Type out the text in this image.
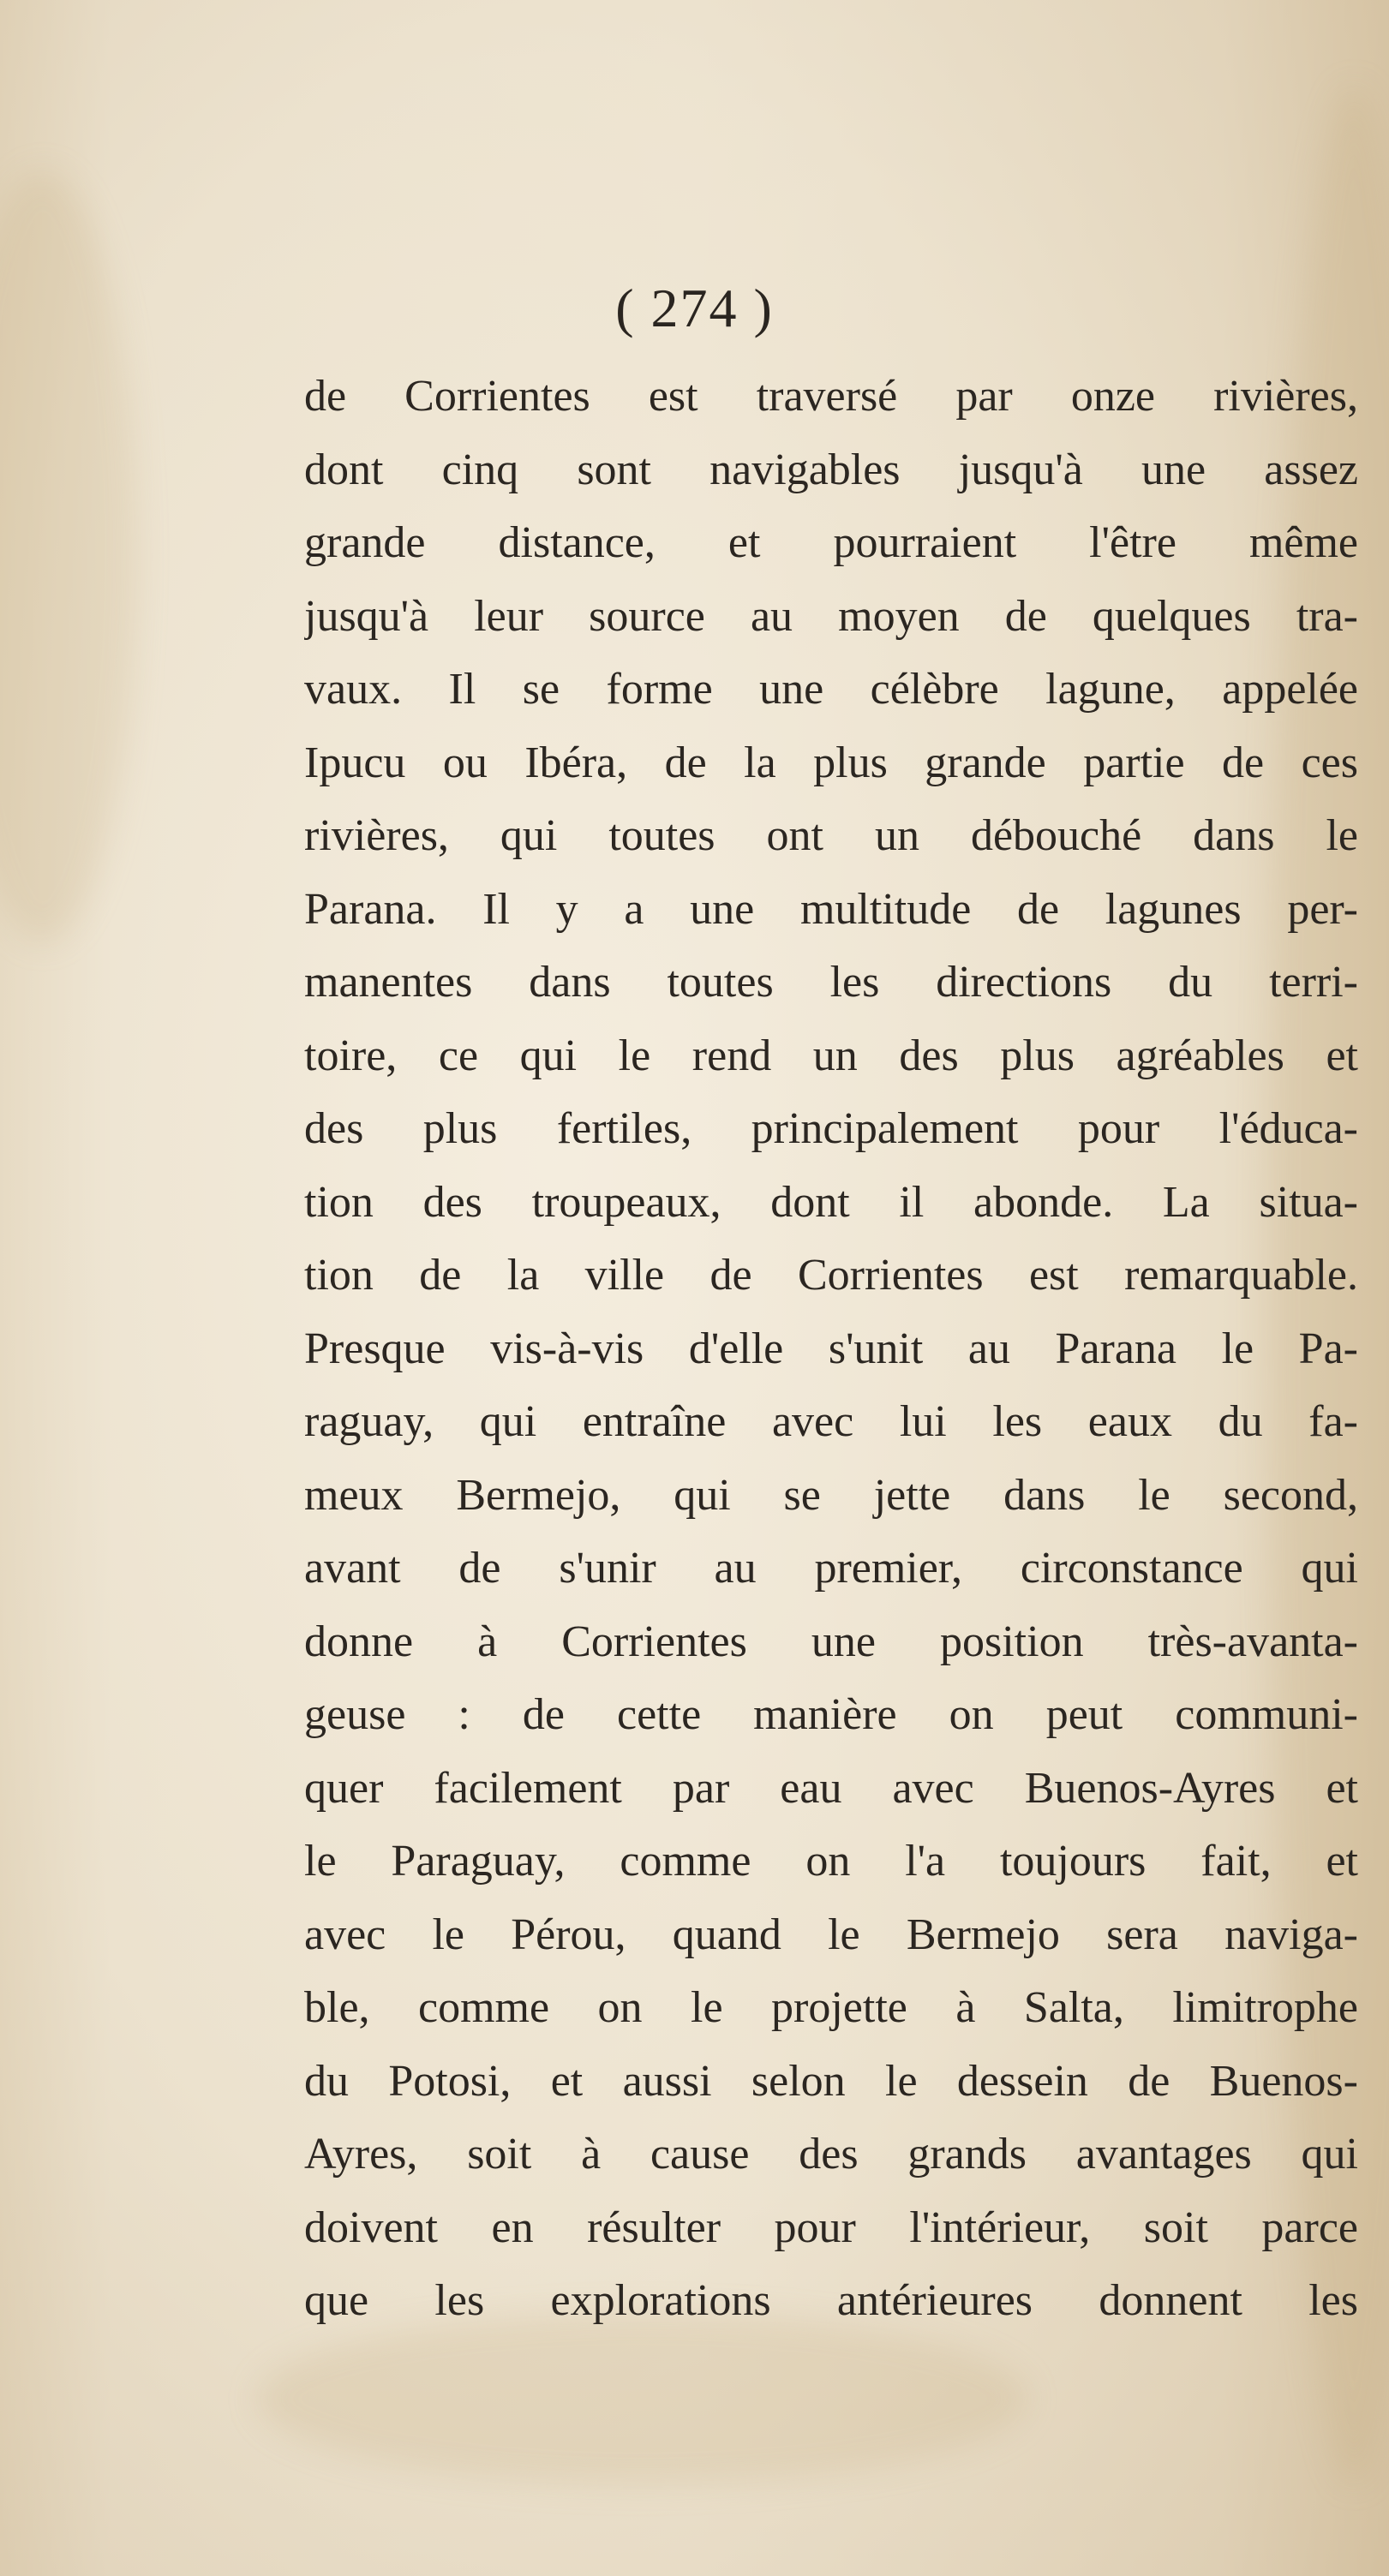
( 274 )
de Corrientes est traversé par onze rivières,
dont cinq sont navigables jusqu'à une assez
grande distance, et pourraient l'être même
jusqu'à leur source au moyen de quelques tra-
vaux. Il se forme une célèbre lagune, appelée
Ipucu ou Ibéra, de la plus grande partie de ces
rivières, qui toutes ont un débouché dans le
Parana. Il y a une multitude de lagunes per-
manentes dans toutes les directions du terri-
toire, ce qui le rend un des plus agréables et
des plus fertiles, principalement pour l'éduca-
tion des troupeaux, dont il abonde. La situa-
tion de la ville de Corrientes est remarquable.
Presque vis-à-vis d'elle s'unit au Parana le Pa-
raguay, qui entraîne avec lui les eaux du fa-
meux Bermejo, qui se jette dans le second,
avant de s'unir au premier, circonstance qui
donne à Corrientes une position très-avanta-
geuse : de cette manière on peut communi-
quer facilement par eau avec Buenos-Ayres et
le Paraguay, comme on l'a toujours fait, et
avec le Pérou, quand le Bermejo sera naviga-
ble, comme on le projette à Salta, limitrophe
du Potosi, et aussi selon le dessein de Buenos-
Ayres, soit à cause des grands avantages qui
doivent en résulter pour l'intérieur, soit parce
que les explorations antérieures donnent les
